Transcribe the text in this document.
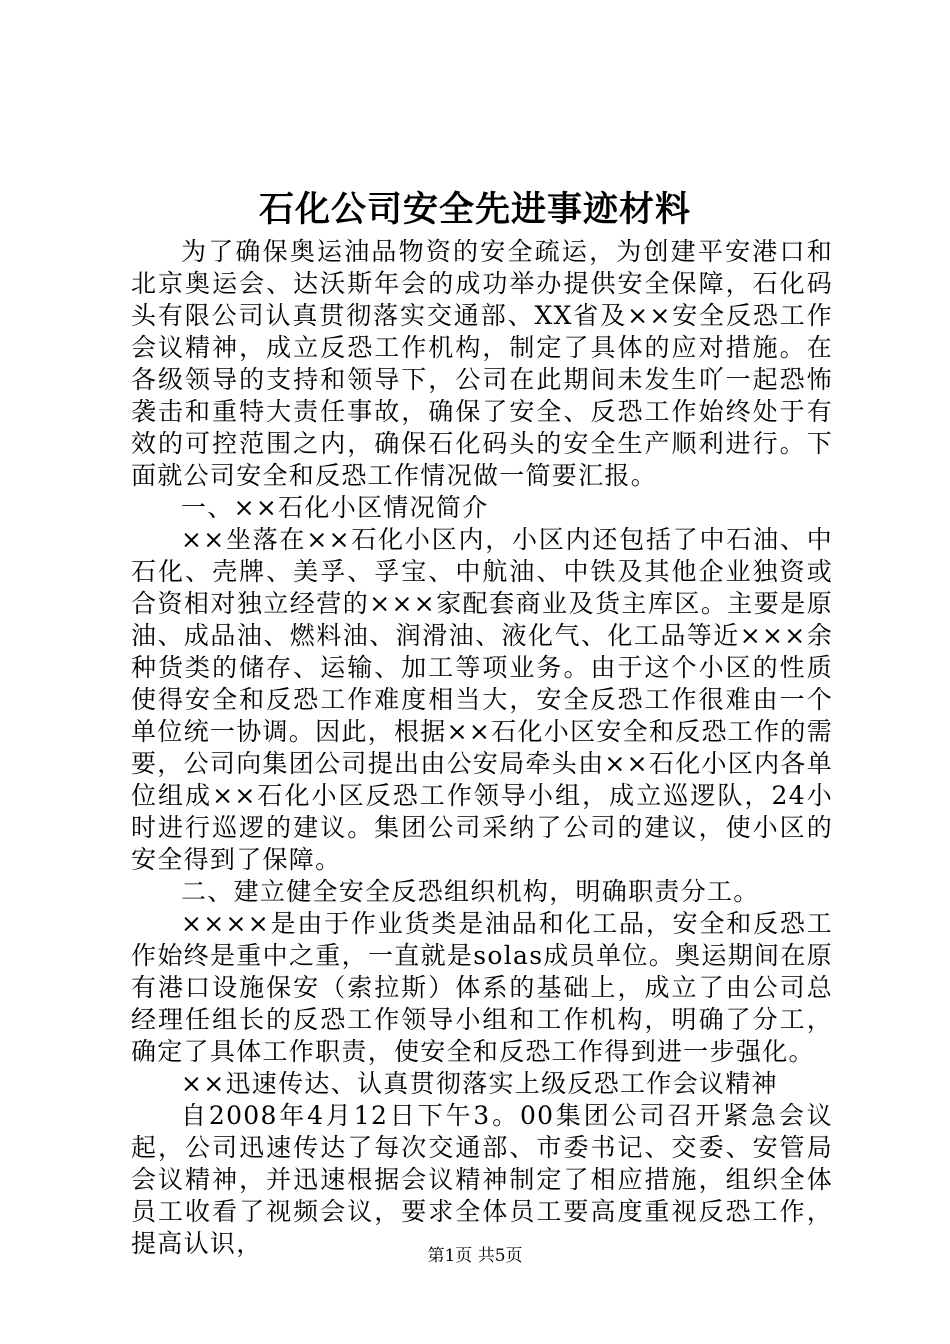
石化公司安全先进事迹材料

为了确保奥运油品物资的安全疏运，为创建平安港口和北京奥运会、达沃斯年会的成功举办提供安全保障，石化码头有限公司认真贯彻落实交通部、XX省及××安全反恐工作会议精神，成立反恐工作机构，制定了具体的应对措施。在各级领导的支持和领导下，公司在此期间未发生吖一起恐怖袭击和重特大责任事故，确保了安全、反恐工作始终处于有效的可控范围之内，确保石化码头的安全生产顺利进行。下面就公司安全和反恐工作情况做一简要汇报。

一、××石化小区情况简介

××坐落在××石化小区内，小区内还包括了中石油、中石化、壳牌、美孚、孚宝、中航油、中铁及其他企业独资或合资相对独立经营的×××家配套商业及货主库区。主要是原油、成品油、燃料油、润滑油、液化气、化工品等近×××余种货类的储存、运输、加工等项业务。由于这个小区的性质使得安全和反恐工作难度相当大，安全反恐工作很难由一个单位统一协调。因此，根据××石化小区安全和反恐工作的需要，公司向集团公司提出由公安局牵头由××石化小区内各单位组成××石化小区反恐工作领导小组，成立巡逻队，24小时进行巡逻的建议。集团公司采纳了公司的建议，使小区的安全得到了保障。

二、建立健全安全反恐组织机构，明确职责分工。

××××是由于作业货类是油品和化工品，安全和反恐工作始终是重中之重，一直就是solas成员单位。奥运期间在原有港口设施保安（索拉斯）体系的基础上，成立了由公司总经理任组长的反恐工作领导小组和工作机构，明确了分工，确定了具体工作职责，使安全和反恐工作得到进一步强化。

××迅速传达、认真贯彻落实上级反恐工作会议精神

自2008年4月12日下午3。00集团公司召开紧急会议起，公司迅速传达了每次交通部、市委书记、交委、安管局会议精神，并迅速根据会议精神制定了相应措施，组织全体员工收看了视频会议，要求全体员工要高度重视反恐工作，提高认识，	第1页 共5页
